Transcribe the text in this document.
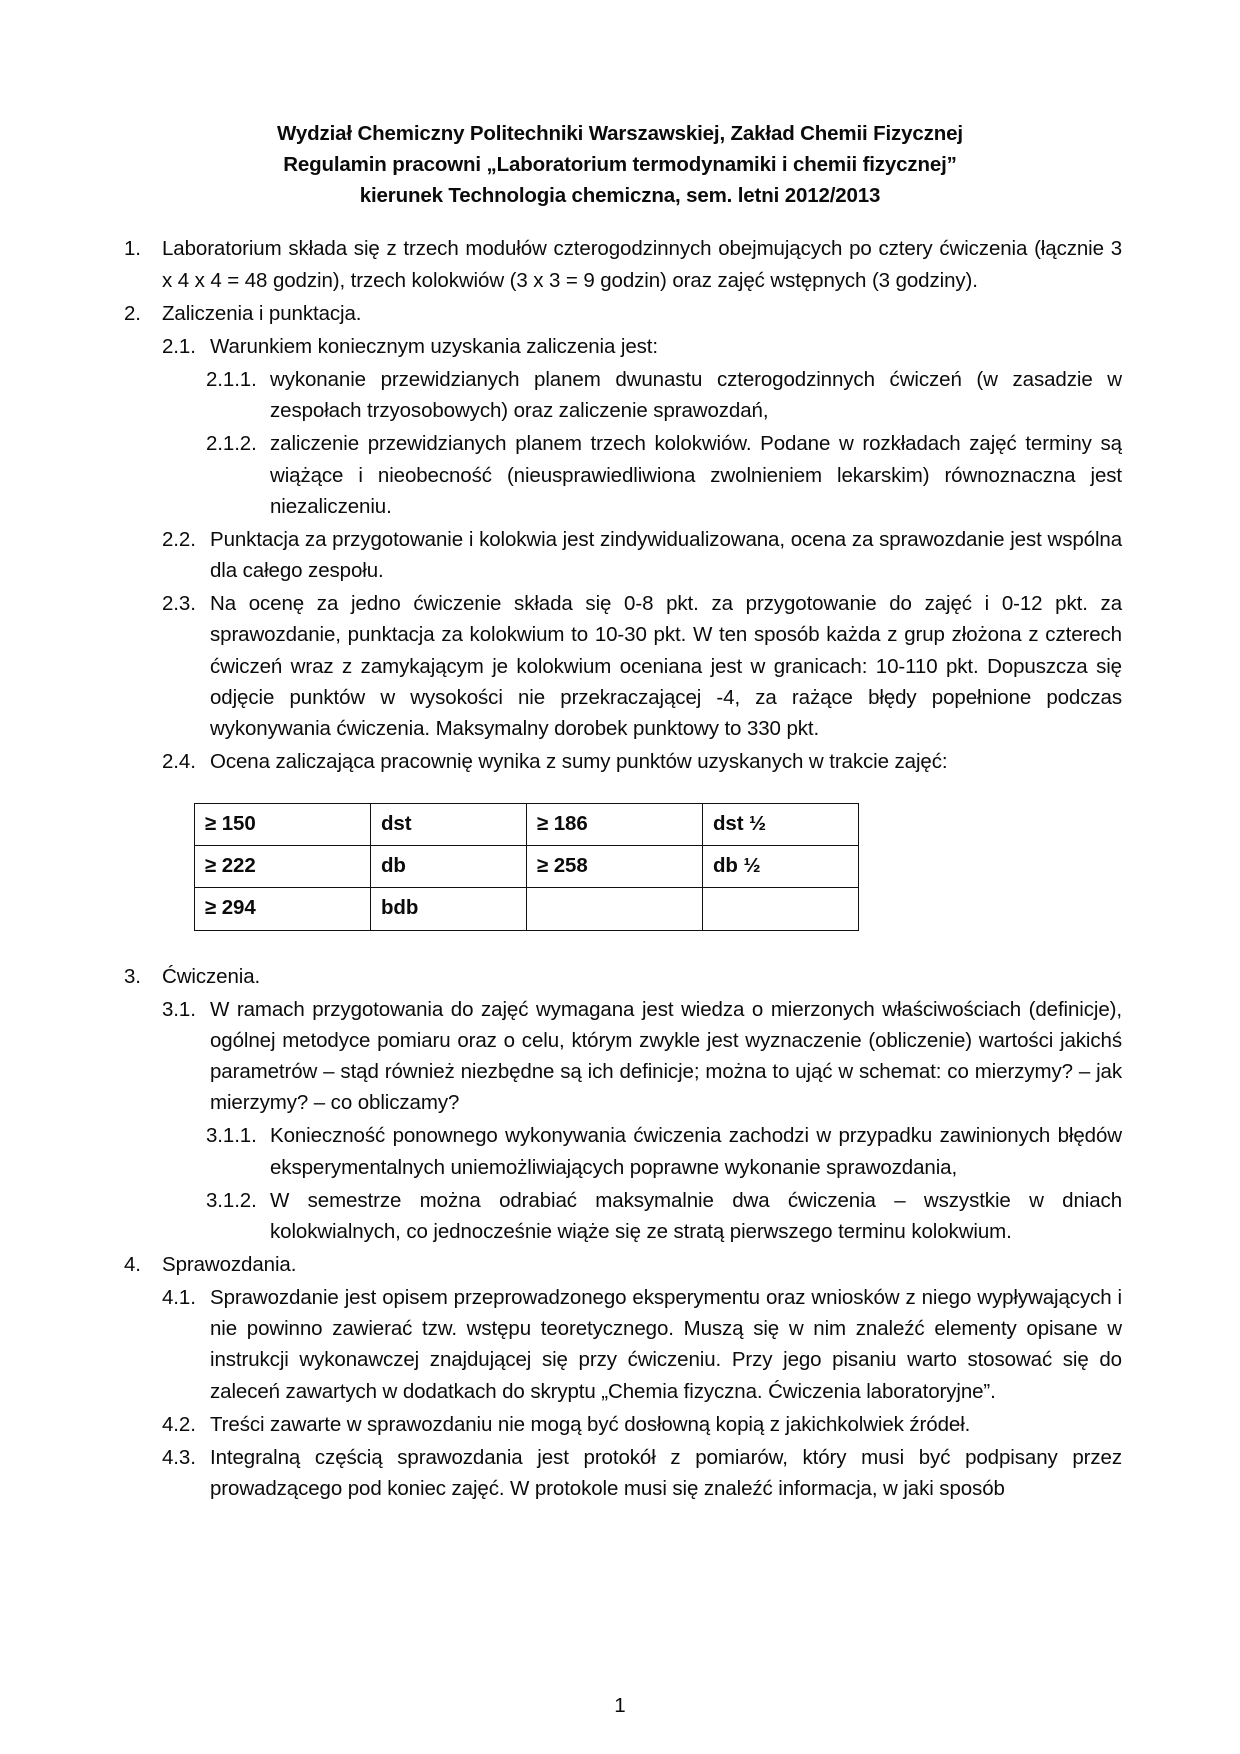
Wydział Chemiczny Politechniki Warszawskiej, Zakład Chemii Fizycznej
Regulamin pracowni „Laboratorium termodynamiki i chemii fizycznej”
kierunek Technologia chemiczna, sem. letni 2012/2013
1.	Laboratorium składa się z trzech modułów czterogodzinnych obejmujących po cztery ćwiczenia (łącznie 3 x 4 x 4 = 48 godzin), trzech kolokwiów (3 x 3 = 9 godzin) oraz zajęć wstępnych (3 godziny).
2.	Zaliczenia i punktacja.
2.1. Warunkiem koniecznym uzyskania zaliczenia jest:
2.1.1. wykonanie przewidzianych planem dwunastu czterogodzinnych ćwiczeń (w zasadzie w zespołach trzyosobowych) oraz zaliczenie sprawozdań,
2.1.2. zaliczenie przewidzianych planem trzech kolokwiów. Podane w rozkładach zajęć terminy są wiążące i nieobecność (nieusprawiedliwiona zwolnieniem lekarskim) równoznaczna jest niezaliczeniu.
2.2. Punktacja za przygotowanie i kolokwia jest zindywidualizowana, ocena za sprawozdanie jest wspólna dla całego zespołu.
2.3. Na ocenę za jedno ćwiczenie składa się 0-8 pkt. za przygotowanie do zajęć i 0-12 pkt. za sprawozdanie, punktacja za kolokwium to 10-30 pkt. W ten sposób każda z grup złożona z czterech ćwiczeń wraz z zamykającym je kolokwium oceniana jest w granicach: 10-110 pkt. Dopuszcza się odjęcie punktów w wysokości nie przekraczającej -4, za rażące błędy popełnione podczas wykonywania ćwiczenia. Maksymalny dorobek punktowy to 330 pkt.
2.4. Ocena zaliczająca pracownię wynika z sumy punktów uzyskanych w trakcie zajęć:
≥ 150	dst	≥ 186	dst ½
≥ 222	db	≥ 258	db ½
≥ 294	bdb		
3.	Ćwiczenia.
3.1. W ramach przygotowania do zajęć wymagana jest wiedza o mierzonych właściwościach (definicje), ogólnej metodyce pomiaru oraz o celu, którym zwykle jest wyznaczenie (obliczenie) wartości jakichś parametrów – stąd również niezbędne są ich definicje; można to ująć w schemat: co mierzymy? – jak mierzymy? – co obliczamy?
3.1.1. Konieczność ponownego wykonywania ćwiczenia zachodzi w przypadku zawinionych błędów eksperymentalnych uniemożliwiających poprawne wykonanie sprawozdania,
3.1.2. W semestrze można odrabiać maksymalnie dwa ćwiczenia – wszystkie w dniach kolokwialnych, co jednocześnie wiąże się ze stratą pierwszego terminu kolokwium.
4.	Sprawozdania.
4.1. Sprawozdanie jest opisem przeprowadzonego eksperymentu oraz wniosków z niego wypływających i nie powinno zawierać tzw. wstępu teoretycznego. Muszą się w nim znaleźć elementy opisane w instrukcji wykonawczej znajdującej się przy ćwiczeniu. Przy jego pisaniu warto stosować się do zaleceń zawartych w dodatkach do skryptu „Chemia fizyczna. Ćwiczenia laboratoryjne”.
4.2. Treści zawarte w sprawozdaniu nie mogą być dosłowną kopią z jakichkolwiek źródeł.
4.3. Integralną częścią sprawozdania jest protokół z pomiarów, który musi być podpisany przez prowadzącego pod koniec zajęć. W protokole musi się znaleźć informacja, w jaki sposób
1
